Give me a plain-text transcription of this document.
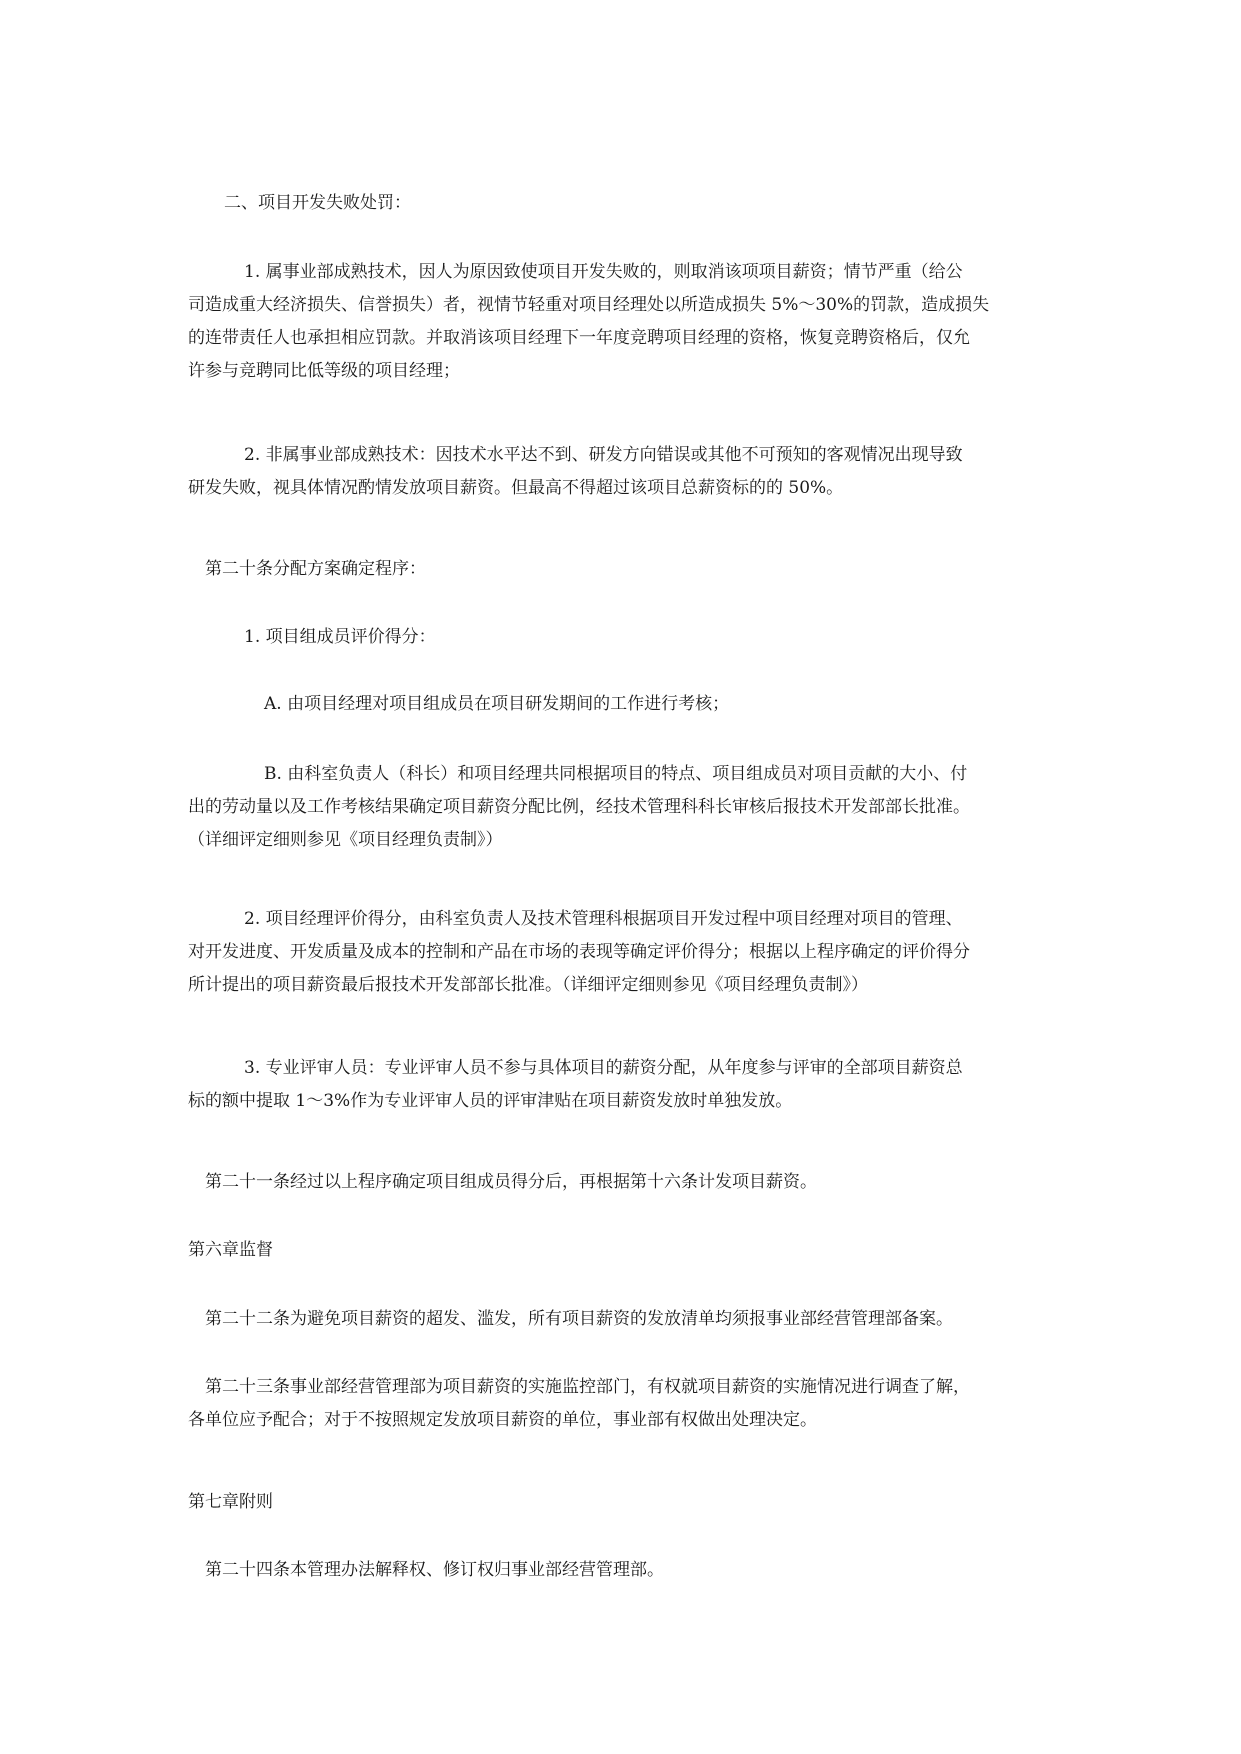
二、项目开发失败处罚：

1. 属事业部成熟技术，因人为原因致使项目开发失败的，则取消该项项目薪资；情节严重（给公
司造成重大经济损失、信誉损失）者，视情节轻重对项目经理处以所造成损失 5%～30%的罚款，造成损失
的连带责任人也承担相应罚款。并取消该项目经理下一年度竞聘项目经理的资格，恢复竞聘资格后，仅允
许参与竞聘同比低等级的项目经理；

2. 非属事业部成熟技术：因技术水平达不到、研发方向错误或其他不可预知的客观情况出现导致
研发失败，视具体情况酌情发放项目薪资。但最高不得超过该项目总薪资标的的 50%。

第二十条分配方案确定程序：

1. 项目组成员评价得分：

A. 由项目经理对项目组成员在项目研发期间的工作进行考核；

B. 由科室负责人（科长）和项目经理共同根据项目的特点、项目组成员对项目贡献的大小、付
出的劳动量以及工作考核结果确定项目薪资分配比例，经技术管理科科长审核后报技术开发部部长批准。
（详细评定细则参见《项目经理负责制》）

2. 项目经理评价得分，由科室负责人及技术管理科根据项目开发过程中项目经理对项目的管理、
对开发进度、开发质量及成本的控制和产品在市场的表现等确定评价得分；根据以上程序确定的评价得分
所计提出的项目薪资最后报技术开发部部长批准。（详细评定细则参见《项目经理负责制》）

3. 专业评审人员：专业评审人员不参与具体项目的薪资分配，从年度参与评审的全部项目薪资总
标的额中提取 1～3%作为专业评审人员的评审津贴在项目薪资发放时单独发放。

第二十一条经过以上程序确定项目组成员得分后，再根据第十六条计发项目薪资。

第六章监督

第二十二条为避免项目薪资的超发、滥发，所有项目薪资的发放清单均须报事业部经营管理部备案。

第二十三条事业部经营管理部为项目薪资的实施监控部门，有权就项目薪资的实施情况进行调查了解，
各单位应予配合；对于不按照规定发放项目薪资的单位，事业部有权做出处理决定。

第七章附则

第二十四条本管理办法解释权、修订权归事业部经营管理部。
